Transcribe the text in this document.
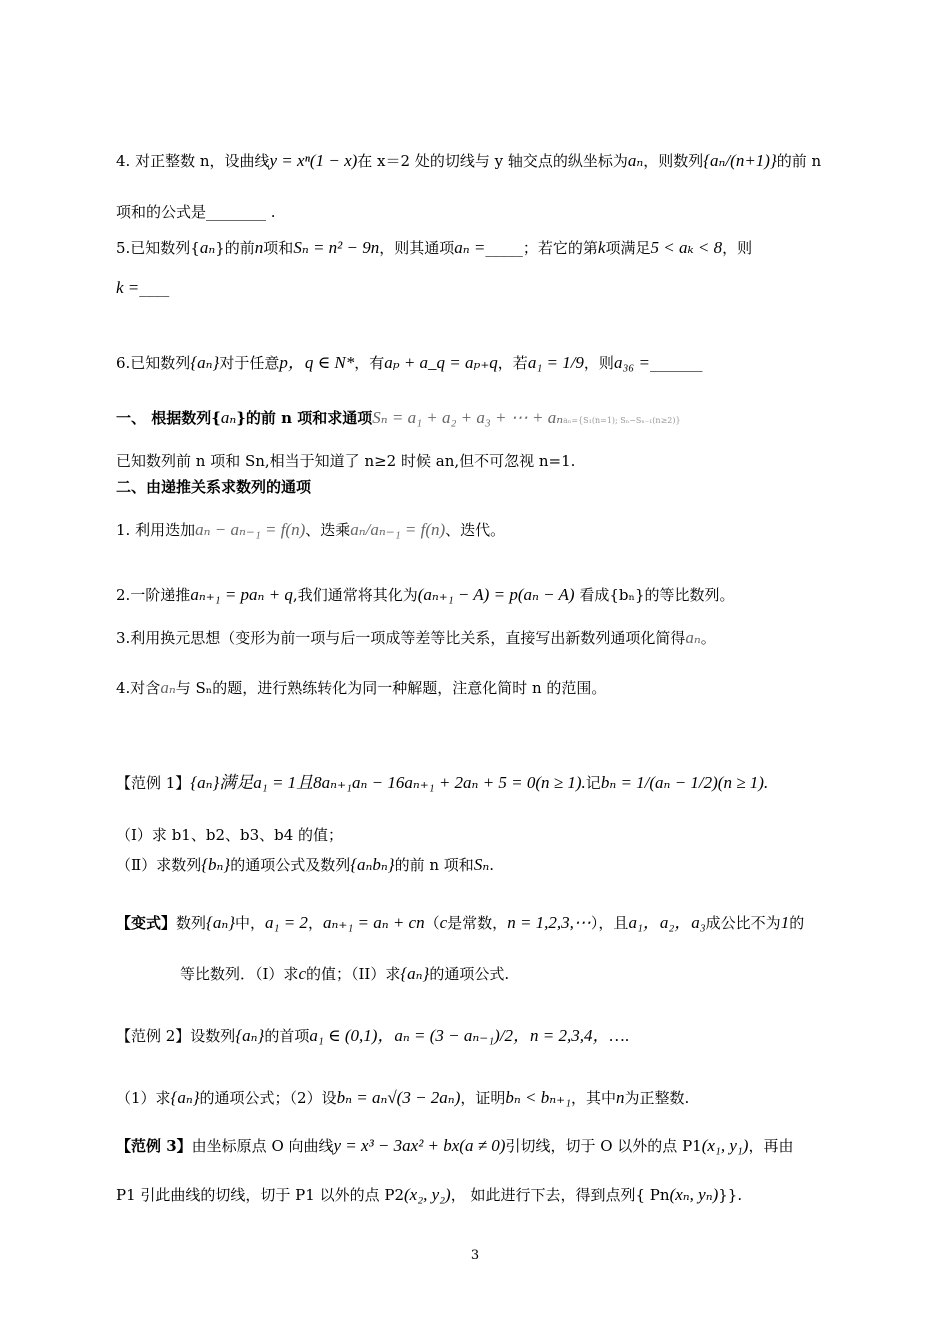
4. 对正整数 n，设曲线y = xⁿ(1 − x)在 x＝2 处的切线与 y 轴交点的纵坐标为aₙ，则数列{aₙ/(n+1)}的前 n
项和的公式是________ .
5.已知数列{aₙ}的前n项和Sₙ = n² − 9n，则其通项aₙ =_____；若它的第k项满足5 < aₖ < 8，则
k =____
6.已知数列{aₙ}对于任意p，q ∈ N*，有aₚ + a_q = aₚ₊q，若a₁ = 1/9，则a₃₆ =_______
一、 根据数列{aₙ}的前 n 项和求通项Sₙ = a₁ + a₂ + a₃ + ⋯ + aₙaₙ={S₁(n=1); Sₙ−Sₙ₋₁(n≥2)}
已知数列前 n 项和 Sn,相当于知道了 n≥2 时候 an,但不可忽视 n=1.
二、由递推关系求数列的通项
1. 利用迭加aₙ − aₙ₋₁ = f(n)、迭乘aₙ/aₙ₋₁ = f(n)、迭代。
2.一阶递推aₙ₊₁ = paₙ + q,我们通常将其化为(aₙ₊₁ − A) = p(aₙ − A) 看成{bₙ}的等比数列。
3.利用换元思想（变形为前一项与后一项成等差等比关系，直接写出新数列通项化简得aₙ。
4.对含aₙ与 Sₙ的题，进行熟练转化为同一种解题，注意化简时 n 的范围。
【范例 1】{aₙ}满足a₁ = 1且8aₙ₊₁aₙ − 16aₙ₊₁ + 2aₙ + 5 = 0(n ≥ 1).记bₙ = 1/(aₙ − 1/2)(n ≥ 1).
（Ⅰ）求 b1、b2、b3、b4 的值；
（Ⅱ）求数列{bₙ}的通项公式及数列{aₙbₙ}的前 n 项和Sₙ.
【变式】数列{aₙ}中，a₁ = 2，aₙ₊₁ = aₙ + cn（c是常数，n = 1,2,3,⋯），且a₁，a₂，a₃成公比不为1的
等比数列．（I）求c的值；（II）求{aₙ}的通项公式.
【范例 2】设数列{aₙ}的首项a₁ ∈ (0,1)，aₙ = (3 − aₙ₋₁)/2，n = 2,3,4，….
（1）求{aₙ}的通项公式；（2）设bₙ = aₙ√(3 − 2aₙ)，证明bₙ < bₙ₊₁，其中n为正整数.
【范例 3】由坐标原点 O 向曲线y = x³ − 3ax² + bx(a ≠ 0)引切线，切于 O 以外的点 P1(x₁, y₁)，再由
P1 引此曲线的切线，切于 P1 以外的点 P2(x₂, y₂)， 如此进行下去，得到点列{ Pn(xₙ, yₙ)}}.
3
